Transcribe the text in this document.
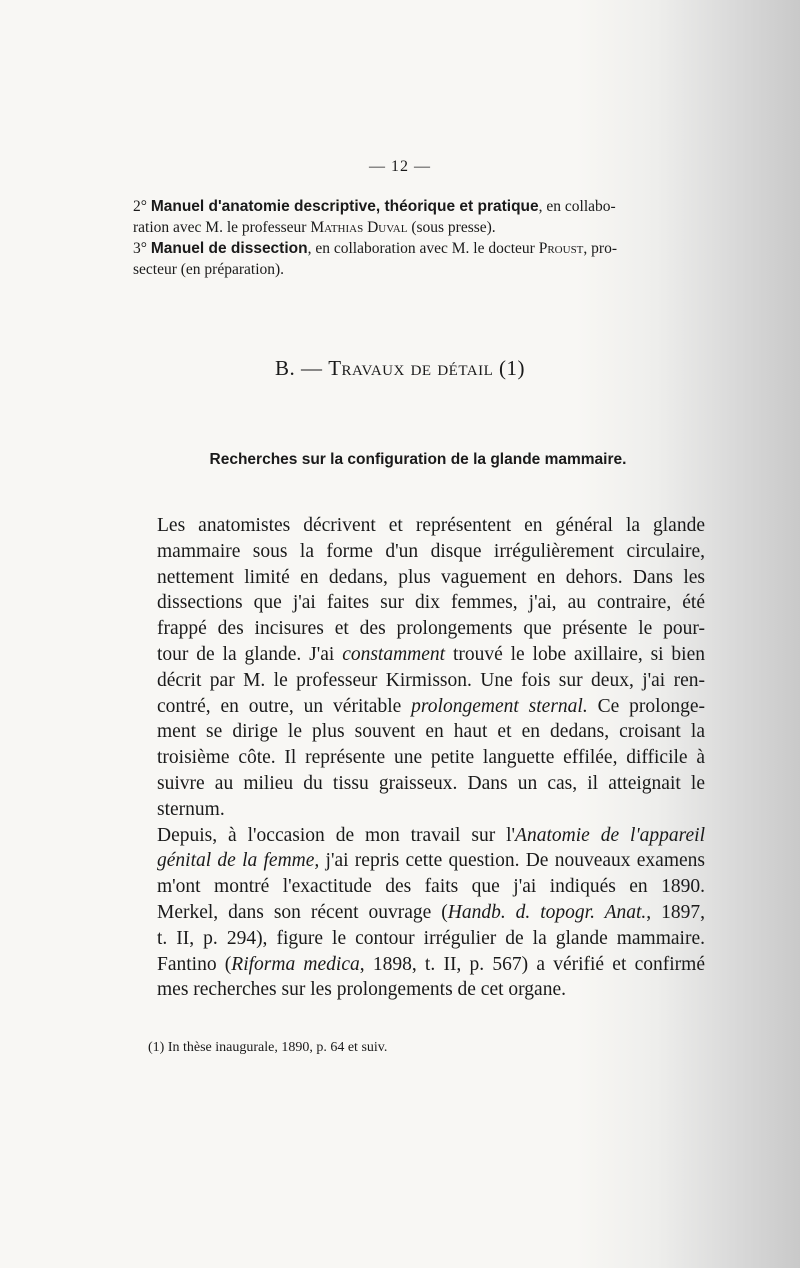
— 12 —

2° Manuel d'anatomie descriptive, théorique et pratique, en collabo-
ration avec M. le professeur Mathias Duval (sous presse).

3° Manuel de dissection, en collaboration avec M. le docteur Proust, pro-
secteur (en préparation).

B. — Travaux de détail (1)
Recherches sur la configuration de la glande mammaire.

Les anatomistes décrivent et représentent en général la glande
mammaire sous la forme d'un disque irrégulièrement circulaire,
nettement limité en dedans, plus vaguement en dehors. Dans les
dissections que j'ai faites sur dix femmes, j'ai, au contraire, été
frappé des incisures et des prolongements que présente le pour-
tour de la glande. J'ai constamment trouvé le lobe axillaire, si bien
décrit par M. le professeur Kirmisson. Une fois sur deux, j'ai ren-
contré, en outre, un véritable prolongement sternal. Ce prolonge-
ment se dirige le plus souvent en haut et en dedans, croisant la
troisième côte. Il représente une petite languette effilée, difficile à
suivre au milieu du tissu graisseux. Dans un cas, il atteignait le
sternum.

Depuis, à l'occasion de mon travail sur l'Anatomie de l'appareil
génital de la femme, j'ai repris cette question. De nouveaux examens
m'ont montré l'exactitude des faits que j'ai indiqués en 1890.
Merkel, dans son récent ouvrage (Handb. d. topogr. Anat., 1897,
t. II, p. 294), figure le contour irrégulier de la glande mammaire.
Fantino (Riforma medica, 1898, t. II, p. 567) a vérifié et confirmé
mes recherches sur les prolongements de cet organe.

(1) In thèse inaugurale, 1890, p. 64 et suiv.
